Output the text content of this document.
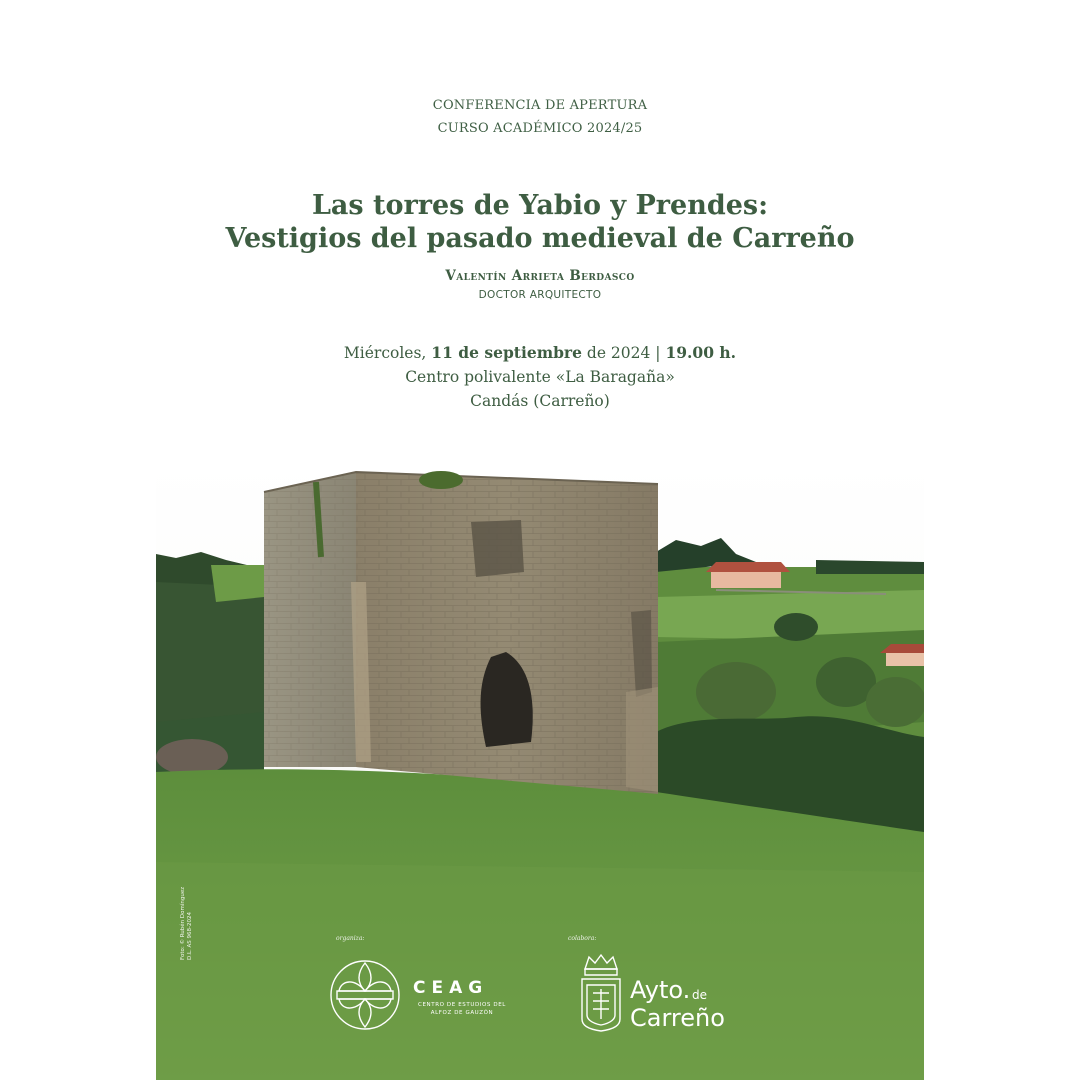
CONFERENCIA DE APERTURA
CURSO ACADÉMICO 2024/25
Las torres de Yabio y Prendes:
Vestigios del pasado medieval de Carreño
Valentín Arrieta Berdasco
DOCTOR ARQUITECTO
Miércoles, 11 de septiembre de 2024 | 19.00 h.
Centro polivalente «La Baragaña»
Candás (Carreño)
organiza:	colabora:
Foto: © Rubén Domínguez D.L. AS 968-2024
CEAG
CENTRO DE ESTUDIOS DEL ALFOZ DE GAUZÓN
Ayto. de
Carreño
